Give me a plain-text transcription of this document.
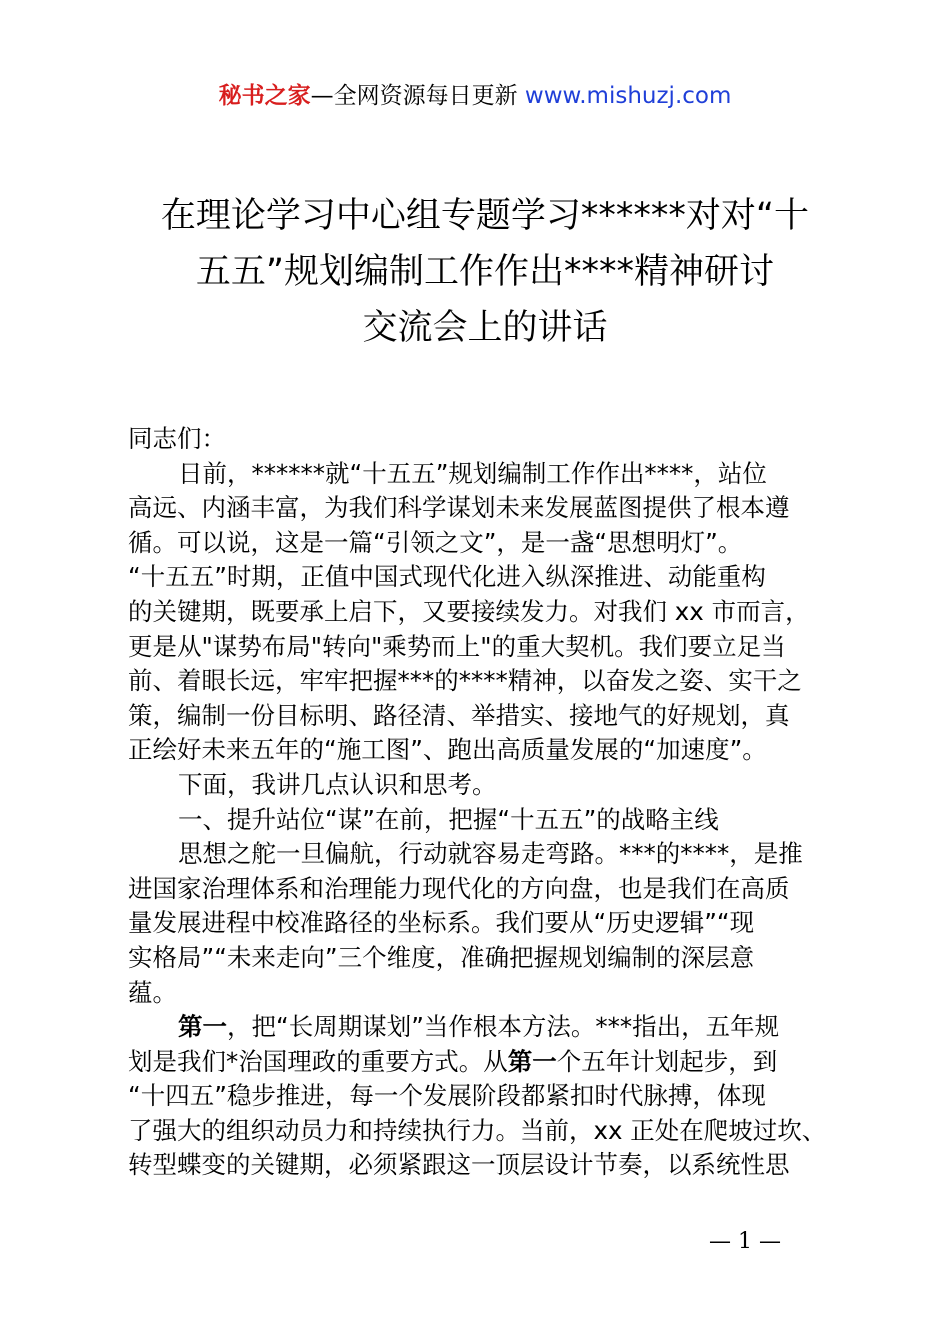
秘书之家—全网资源每日更新 www.mishuzj.com
在理论学习中心组专题学习******对对“十
五五”规划编制工作作出****精神研讨
交流会上的讲话

同志们：

日前，******就“十五五”规划编制工作作出****，站位

高远、内涵丰富，为我们科学谋划未来发展蓝图提供了根本遵
循。可以说，这是一篇“引领之文”，是一盏“思想明灯”。
“十五五”时期，正值中国式现代化进入纵深推进、动能重构
的关键期，既要承上启下，又要接续发力。对我们 xx 市而言，
更是从"谋势布局"转向"乘势而上"的重大契机。我们要立足当
前、着眼长远，牢牢把握***的****精神，以奋发之姿、实干之
策，编制一份目标明、路径清、举措实、接地气的好规划，真
正绘好未来五年的“施工图”、跑出高质量发展的“加速度”。

下面，我讲几点认识和思考。

一、提升站位“谋”在前，把握“十五五”的战略主线

思想之舵一旦偏航，行动就容易走弯路。***的****，是推

进国家治理体系和治理能力现代化的方向盘，也是我们在高质
量发展进程中校准路径的坐标系。我们要从“历史逻辑”“现
实格局”“未来走向”三个维度，准确把握规划编制的深层意
蕴。

第一，把“长周期谋划”当作根本方法。***指出，五年规

划是我们*治国理政的重要方式。从第一个五年计划起步，到
“十四五”稳步推进，每一个发展阶段都紧扣时代脉搏，体现
了强大的组织动员力和持续执行力。当前，xx 正处在爬坡过坎、
转型蝶变的关键期，必须紧跟这一顶层设计节奏，以系统性思

— 1 —
